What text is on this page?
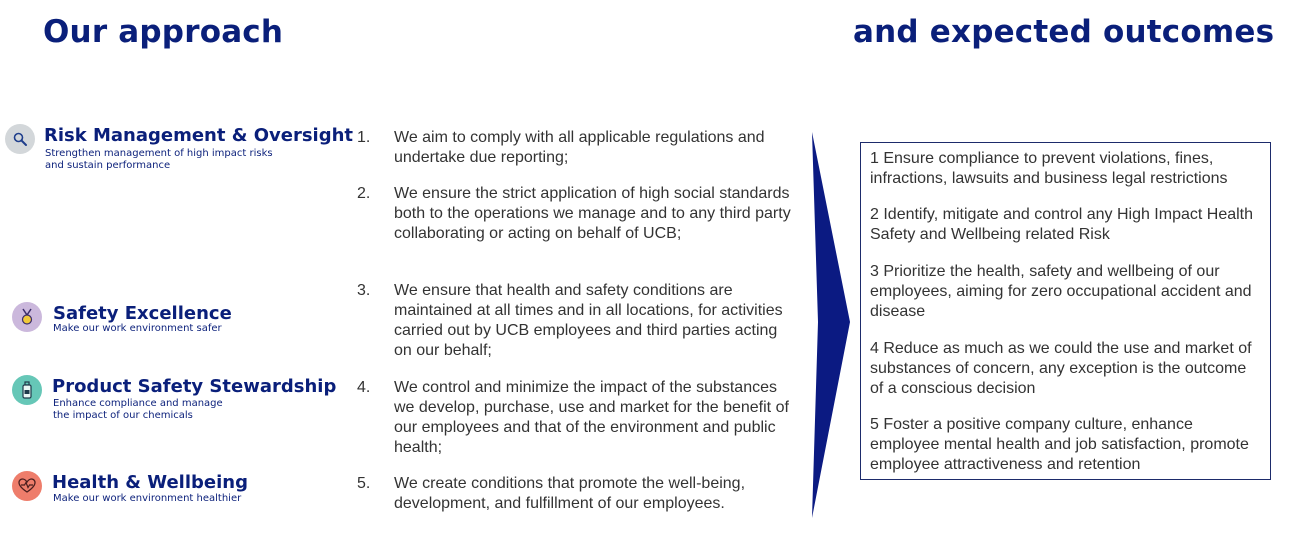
Our approach	and expected outcomes
Risk Management & Oversight
Strengthen management of high impact risks
and sustain performance
Safety Excellence
Make our work environment safer
Product Safety Stewardship
Enhance compliance and manage
the impact of our chemicals
Health & Wellbeing
Make our work environment healthier
1. We aim to comply with all applicable regulations and undertake due reporting;
2. We ensure the strict application of high social standards both to the operations we manage and to any third party collaborating or acting on behalf of UCB;
3. We ensure that health and safety conditions are maintained at all times and in all locations, for activities carried out by UCB employees and third parties acting on our behalf;
4. We control and minimize the impact of the substances we develop, purchase, use and market for the benefit of our employees and that of the environment and public health;
5. We create conditions that promote the well-being, development, and fulfillment of our employees.
1 Ensure compliance to prevent violations, fines, infractions, lawsuits and business legal restrictions
2 Identify, mitigate and control any High Impact Health Safety and Wellbeing related Risk
3 Prioritize the health, safety and wellbeing of our employees, aiming for zero occupational accident and disease
4 Reduce as much as we could the use and market of substances of concern, any exception is the outcome of a conscious decision
5 Foster a positive company culture, enhance employee mental health and job satisfaction, promote employee attractiveness and retention
